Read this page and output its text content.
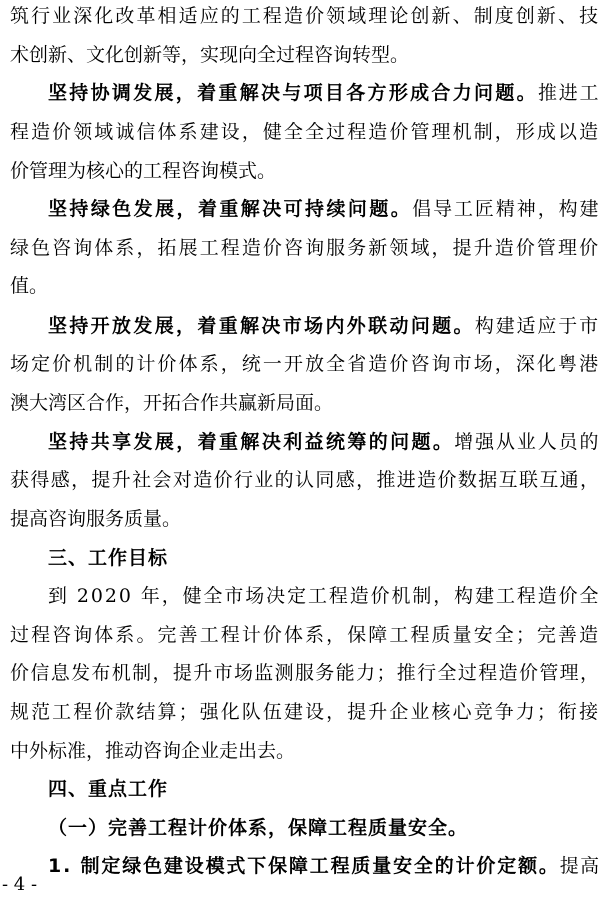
筑行业深化改革相适应的工程造价领域理论创新、制度创新、技
术创新、文化创新等，实现向全过程咨询转型。
坚持协调发展，着重解决与项目各方形成合力问题。推进工
程造价领域诚信体系建设，健全全过程造价管理机制，形成以造
价管理为核心的工程咨询模式。
坚持绿色发展，着重解决可持续问题。倡导工匠精神，构建
绿色咨询体系，拓展工程造价咨询服务新领域，提升造价管理价
值。
坚持开放发展，着重解决市场内外联动问题。构建适应于市
场定价机制的计价体系，统一开放全省造价咨询市场，深化粤港
澳大湾区合作，开拓合作共赢新局面。
坚持共享发展，着重解决利益统筹的问题。增强从业人员的
获得感，提升社会对造价行业的认同感，推进造价数据互联互通，
提高咨询服务质量。
三、工作目标
到 2020 年，健全市场决定工程造价机制，构建工程造价全
过程咨询体系。完善工程计价体系，保障工程质量安全；完善造
价信息发布机制，提升市场监测服务能力；推行全过程造价管理，
规范工程价款结算；强化队伍建设，提升企业核心竞争力；衔接
中外标准，推动咨询企业走出去。
四、重点工作
（一）完善工程计价体系，保障工程质量安全。
1. 制定绿色建设模式下保障工程质量安全的计价定额。提高
- 4 -
